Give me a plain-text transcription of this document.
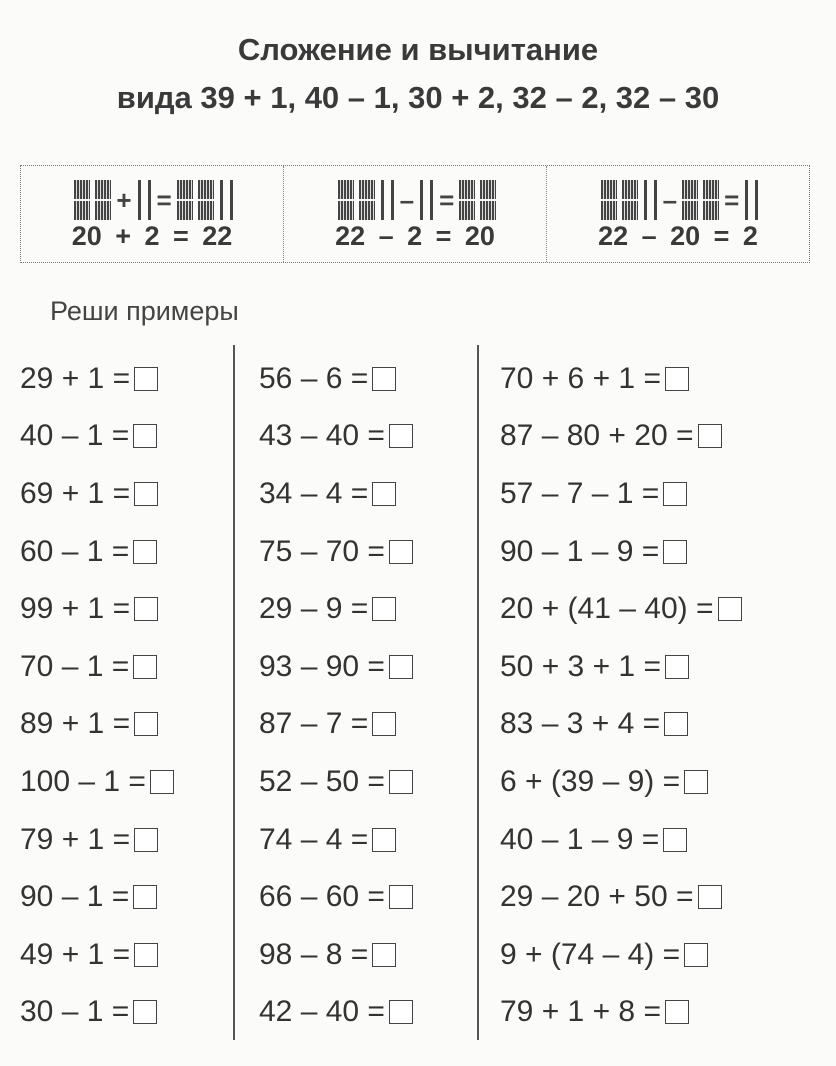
Сложение и вычитание
вида 39 + 1, 40 – 1, 30 + 2, 32 – 2, 32 – 30
+ =
20 + 2 = 22
– =
22 – 2 = 20
– =
22 – 20 = 2
Реши примеры
29 + 1 =
40 – 1 =
69 + 1 =
60 – 1 =
99 + 1 =
70 – 1 =
89 + 1 =
100 – 1 =
79 + 1 =
90 – 1 =
49 + 1 =
30 – 1 =
56 – 6 =
43 – 40 =
34 – 4 =
75 – 70 =
29 – 9 =
93 – 90 =
87 – 7 =
52 – 50 =
74 – 4 =
66 – 60 =
98 – 8 =
42 – 40 =
70 + 6 + 1 =
87 – 80 + 20 =
57 – 7 – 1 =
90 – 1 – 9 =
20 + (41 – 40) =
50 + 3 + 1 =
83 – 3 + 4 =
6 + (39 – 9) =
40 – 1 – 9 =
29 – 20 + 50 =
9 + (74 – 4) =
79 + 1 + 8 =
